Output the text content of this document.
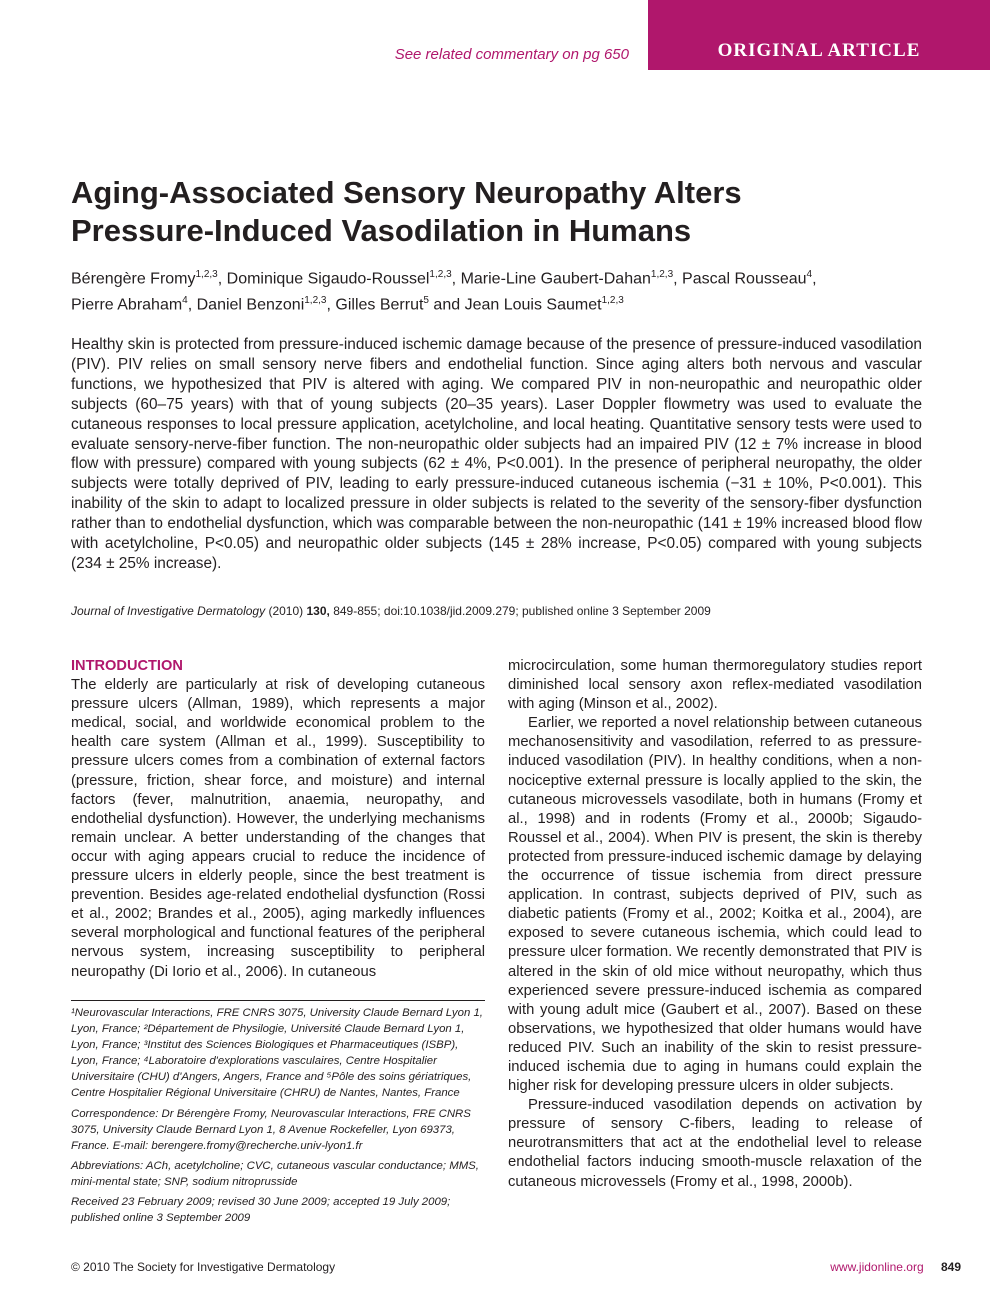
ORIGINAL ARTICLE
See related commentary on pg 650
Aging-Associated Sensory Neuropathy Alters
Pressure-Induced Vasodilation in Humans
Bérengère Fromy$^{1,2,3}$, Dominique Sigaudo-Roussel$^{1,2,3}$, Marie-Line Gaubert-Dahan$^{1,2,3}$, Pascal Rousseau$^4$,
Pierre Abraham$^4$, Daniel Benzoni$^{1,2,3}$, Gilles Berrut$^5$ and Jean Louis Saumet$^{1,2,3}$

Healthy skin is protected from pressure-induced ischemic damage because of the presence of pressure-induced vasodilation (PIV). PIV relies on small sensory nerve fibers and endothelial function. Since aging alters both nervous and vascular functions, we hypothesized that PIV is altered with aging. We compared PIV in non-neuropathic and neuropathic older subjects (60–75 years) with that of young subjects (20–35 years). Laser Doppler flowmetry was used to evaluate the cutaneous responses to local pressure application, acetylcholine, and local heating. Quantitative sensory tests were used to evaluate sensory-nerve-fiber function. The non-neuropathic older subjects had an impaired PIV (12 ± 7% increase in blood flow with pressure) compared with young subjects (62 ± 4%, P<0.001). In the presence of peripheral neuropathy, the older subjects were totally deprived of PIV, leading to early pressure-induced cutaneous ischemia (−31 ± 10%, P<0.001). This inability of the skin to adapt to localized pressure in older subjects is related to the severity of the sensory-fiber dysfunction rather than to endothelial dysfunction, which was comparable between the non-neuropathic (141 ± 19% increased blood flow with acetylcholine, P<0.05) and neuropathic older subjects (145 ± 28% increase, P<0.05) compared with young subjects (234 ± 25% increase).

Journal of Investigative Dermatology (2010) 130, 849-855; doi:10.1038/jid.2009.279; published online 3 September 2009
INTRODUCTION

The elderly are particularly at risk of developing cutaneous pressure ulcers (Allman, 1989), which represents a major medical, social, and worldwide economical problem to the health care system (Allman et al., 1999). Susceptibility to pressure ulcers comes from a combination of external factors (pressure, friction, shear force, and moisture) and internal factors (fever, malnutrition, anaemia, neuropathy, and endothelial dysfunction). However, the underlying mechanisms remain unclear. A better understanding of the changes that occur with aging appears crucial to reduce the incidence of pressure ulcers in elderly people, since the best treatment is prevention. Besides age-related endothelial dysfunction (Rossi et al., 2002; Brandes et al., 2005), aging markedly influences several morphological and functional features of the peripheral nervous system, increasing susceptibility to peripheral neuropathy (Di Iorio et al., 2006). In cutaneous

microcirculation, some human thermoregulatory studies report diminished local sensory axon reflex-mediated vasodilation with aging (Minson et al., 2002).

Earlier, we reported a novel relationship between cutaneous mechanosensitivity and vasodilation, referred to as pressure-induced vasodilation (PIV). In healthy conditions, when a non-nociceptive external pressure is locally applied to the skin, the cutaneous microvessels vasodilate, both in humans (Fromy et al., 1998) and in rodents (Fromy et al., 2000b; Sigaudo-Roussel et al., 2004). When PIV is present, the skin is thereby protected from pressure-induced ischemic damage by delaying the occurrence of tissue ischemia from direct pressure application. In contrast, subjects deprived of PIV, such as diabetic patients (Fromy et al., 2002; Koitka et al., 2004), are exposed to severe cutaneous ischemia, which could lead to pressure ulcer formation. We recently demonstrated that PIV is altered in the skin of old mice without neuropathy, which thus experienced severe pressure-induced ischemia as compared with young adult mice (Gaubert et al., 2007). Based on these observations, we hypothesized that older humans would have reduced PIV. Such an inability of the skin to resist pressure-induced ischemia due to aging in humans could explain the higher risk for developing pressure ulcers in older subjects.

Pressure-induced vasodilation depends on activation by pressure of sensory C-fibers, leading to release of neurotransmitters that act at the endothelial level to release endothelial factors inducing smooth-muscle relaxation of the cutaneous microvessels (Fromy et al., 1998, 2000b).

¹Neurovascular Interactions, FRE CNRS 3075, University Claude Bernard Lyon 1, Lyon, France; ²Département de Physilogie, Université Claude Bernard Lyon 1, Lyon, France; ³Institut des Sciences Biologiques et Pharmaceutiques (ISBP), Lyon, France; ⁴Laboratoire d'explorations vasculaires, Centre Hospitalier Universitaire (CHU) d'Angers, Angers, France and ⁵Pôle des soins gériatriques, Centre Hospitalier Régional Universitaire (CHRU) de Nantes, Nantes, France

Correspondence: Dr Bérengère Fromy, Neurovascular Interactions, FRE CNRS 3075, University Claude Bernard Lyon 1, 8 Avenue Rockefeller, Lyon 69373, France. E-mail: berengere.fromy@recherche.univ-lyon1.fr

Abbreviations: ACh, acetylcholine; CVC, cutaneous vascular conductance; MMS, mini-mental state; SNP, sodium nitroprusside

Received 23 February 2009; revised 30 June 2009; accepted 19 July 2009; published online 3 September 2009

© 2010 The Society for Investigative Dermatology	www.jidonline.org 849
